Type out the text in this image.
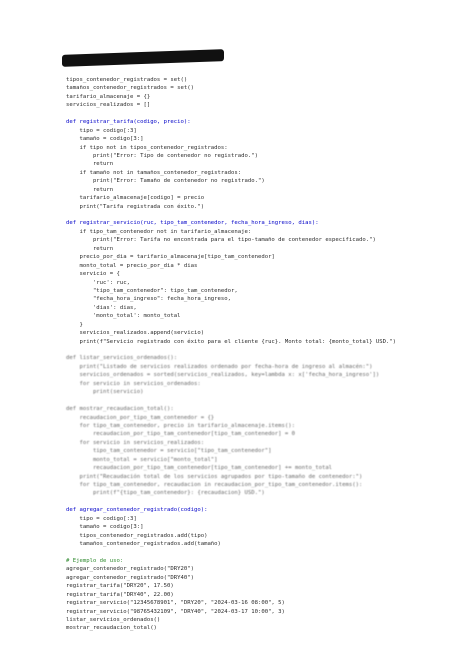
tipos_contenedor_registrados = set()
tamaños_contenedor_registrados = set()
tarifario_almacenaje = {}
servicios_realizados = []
def registrar_tarifa(codigo, precio):
tipo = codigo[:3]
tamaño = codigo[3:]
if tipo not in tipos_contenedor_registrados:
print("Error: Tipo de contenedor no registrado.")
return
if tamaño not in tamaños_contenedor_registrados:
print("Error: Tamaño de contenedor no registrado.")
return
tarifario_almacenaje[codigo] = precio
print("Tarifa registrada con éxito.")
def registrar_servicio(ruc, tipo_tam_contenedor, fecha_hora_ingreso, dias):
if tipo_tam_contenedor not in tarifario_almacenaje:
print("Error: Tarifa no encontrada para el tipo-tamaño de contenedor especificado.")
return
precio_por_dia = tarifario_almacenaje[tipo_tam_contenedor]
monto_total = precio_por_dia * dias
servicio = {
'ruc': ruc,
"tipo_tam_contenedor": tipo_tam_contenedor,
"fecha_hora_ingreso": fecha_hora_ingreso,
'dias': dias,
'monto_total': monto_total
}
servicios_realizados.append(servicio)
print(f"Servicio registrado con éxito para el cliente {ruc}. Monto total: {monto_total} USD.")
def listar_servicios_ordenados():
print("Listado de servicios realizados ordenado por fecha-hora de ingreso al almacén:")
servicios_ordenados = sorted(servicios_realizados, key=lambda x: x['fecha_hora_ingreso'])
for servicio in servicios_ordenados:
print(servicio)
def mostrar_recaudacion_total():
recaudacion_por_tipo_tam_contenedor = {}
for tipo_tam_contenedor, precio in tarifario_almacenaje.items():
recaudacion_por_tipo_tam_contenedor[tipo_tam_contenedor] = 0
for servicio in servicios_realizados:
tipo_tam_contenedor = servicio["tipo_tam_contenedor"]
monto_total = servicio["monto_total"]
recaudacion_por_tipo_tam_contenedor[tipo_tam_contenedor] += monto_total
print("Recaudación total de los servicios agrupados por tipo-tamaño de contenedor:")
for tipo_tam_contenedor, recaudacion in recaudacion_por_tipo_tam_contenedor.items():
print(f"{tipo_tam_contenedor}: {recaudacion} USD.")
def agregar_contenedor_registrado(codigo):
tipo = codigo[:3]
tamaño = codigo[3:]
tipos_contenedor_registrados.add(tipo)
tamaños_contenedor_registrados.add(tamaño)
# Ejemplo de uso:
agregar_contenedor_registrado("DRY20")
agregar_contenedor_registrado("DRY40")
registrar_tarifa("DRY20", 17.50)
registrar_tarifa("DRY40", 22.00)
registrar_servicio("12345678901", "DRY20", "2024-03-16 08:00", 5)
registrar_servicio("98765432109", "DRY40", "2024-03-17 10:00", 3)
listar_servicios_ordenados()
mostrar_recaudacion_total()
